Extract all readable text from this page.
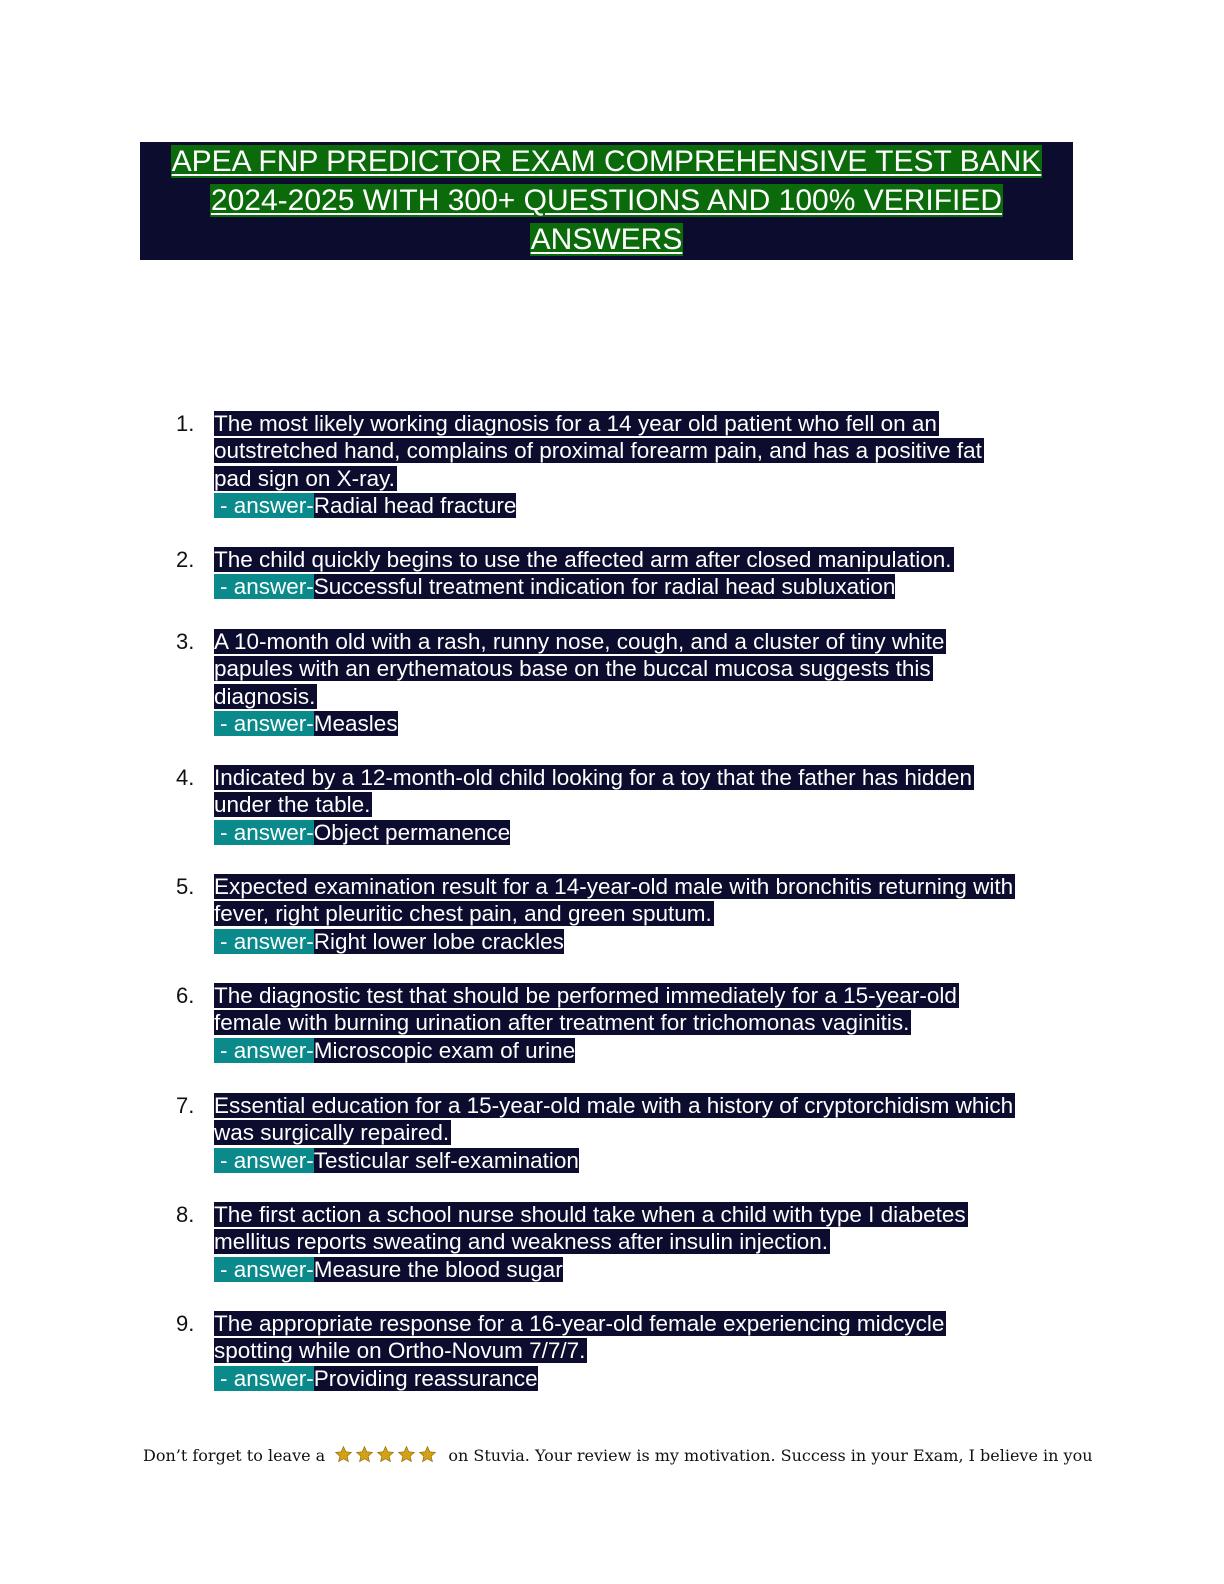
APEA FNP PREDICTOR EXAM COMPREHENSIVE TEST BANK
2024-2025 WITH 300+ QUESTIONS AND 100% VERIFIED
ANSWERS
1. The most likely working diagnosis for a 14 year old patient who fell on an
outstretched hand, complains of proximal forearm pain, and has a positive fat
pad sign on X-ray.
- answer-Radial head fracture
2. The child quickly begins to use the affected arm after closed manipulation.
- answer-Successful treatment indication for radial head subluxation
3. A 10-month old with a rash, runny nose, cough, and a cluster of tiny white
papules with an erythematous base on the buccal mucosa suggests this
diagnosis.
- answer-Measles
4. Indicated by a 12-month-old child looking for a toy that the father has hidden
under the table.
- answer-Object permanence
5. Expected examination result for a 14-year-old male with bronchitis returning with
fever, right pleuritic chest pain, and green sputum.
- answer-Right lower lobe crackles
6. The diagnostic test that should be performed immediately for a 15-year-old
female with burning urination after treatment for trichomonas vaginitis.
- answer-Microscopic exam of urine
7. Essential education for a 15-year-old male with a history of cryptorchidism which
was surgically repaired.
- answer-Testicular self-examination
8. The first action a school nurse should take when a child with type I diabetes
mellitus reports sweating and weakness after insulin injection.
- answer-Measure the blood sugar
9. The appropriate response for a 16-year-old female experiencing midcycle
spotting while on Ortho-Novum 7/7/7.
- answer-Providing reassurance
Don’t forget to leave a	on Stuvia. Your review is my motivation. Success in your Exam, I believe in you
